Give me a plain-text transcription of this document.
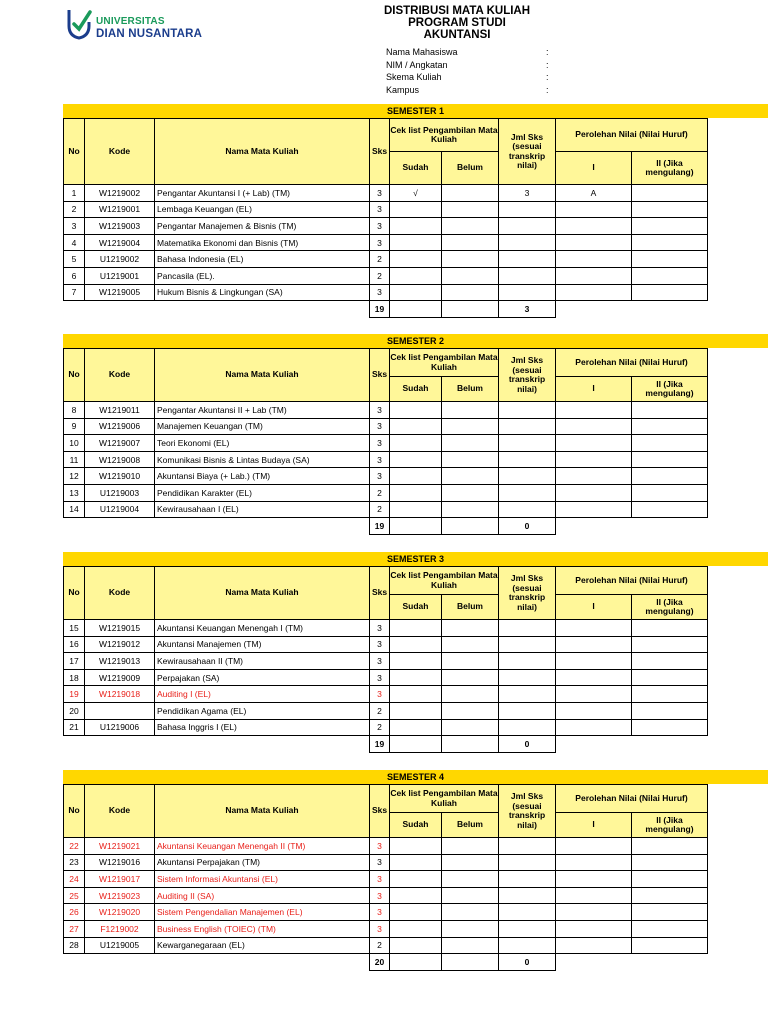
UNIVERSITAS
DIAN NUSANTARA
DISTRIBUSI MATA KULIAH
PROGRAM STUDI AKUNTANSI
Nama Mahasiswa	:
NIM / Angkatan	:
Skema Kuliah	:
Kampus	:
SEMESTER 1
No	Kode	Nama Mata Kuliah	Sks
Cek list Pengambilan Mata Kuliah
Sudah	Belum
Jml Sks (sesuai transkrip nilai)
Perolehan Nilai (Nilai Huruf)
I	II (Jika mengulang)
1	W1219002	Pengantar Akuntansi I (+ Lab) (TM)	3	√		3	A	
2	W1219001	Lembaga Keuangan (EL)	3					
3	W1219003	Pengantar Manajemen & Bisnis (TM)	3					
4	W1219004	Matematika Ekonomi dan Bisnis (TM)	3					
5	U1219002	Bahasa Indonesia (EL)	2					
6	U1219001	Pancasila (EL).	2					
7	W1219005	Hukum Bisnis & Lingkungan (SA)	3					
			19			3		
SEMESTER 2
No	Kode	Nama Mata Kuliah	Sks
Cek list Pengambilan Mata Kuliah
Sudah	Belum
Jml Sks (sesuai transkrip nilai)
Perolehan Nilai (Nilai Huruf)
I	II (Jika mengulang)
8	W1219011	Pengantar Akuntansi II + Lab (TM)	3					
9	W1219006	Manajemen Keuangan (TM)	3					
10	W1219007	Teori Ekonomi (EL)	3					
11	W1219008	Komunikasi Bisnis & Lintas Budaya (SA)	3					
12	W1219010	Akuntansi Biaya (+ Lab.) (TM)	3					
13	U1219003	Pendidikan Karakter (EL)	2					
14	U1219004	Kewirausahaan I (EL)	2					
			19			0		
SEMESTER 3
No	Kode	Nama Mata Kuliah	Sks
Cek list Pengambilan Mata Kuliah
Sudah	Belum
Jml Sks (sesuai transkrip nilai)
Perolehan Nilai (Nilai Huruf)
I	II (Jika mengulang)
15	W1219015	Akuntansi Keuangan Menengah I (TM)	3					
16	W1219012	Akuntansi Manajemen (TM)	3					
17	W1219013	Kewirausahaan II (TM)	3					
18	W1219009	Perpajakan (SA)	3					
19	W1219018	Auditing I (EL)	3					
20		Pendidikan Agama (EL)	2					
21	U1219006	Bahasa Inggris I (EL)	2					
			19			0		
SEMESTER 4
No	Kode	Nama Mata Kuliah	Sks
Cek list Pengambilan Mata Kuliah
Sudah	Belum
Jml Sks (sesuai transkrip nilai)
Perolehan Nilai (Nilai Huruf)
I	II (Jika mengulang)
22	W1219021	Akuntansi Keuangan Menengah II (TM)	3					
23	W1219016	Akuntansi Perpajakan (TM)	3					
24	W1219017	Sistem Informasi Akuntansi (EL)	3					
25	W1219023	Auditing II (SA)	3					
26	W1219020	Sistem Pengendalian Manajemen (EL)	3					
27	F1219002	Business English (TOIEC) (TM)	3					
28	U1219005	Kewarganegaraan (EL)	2					
			20			0		
